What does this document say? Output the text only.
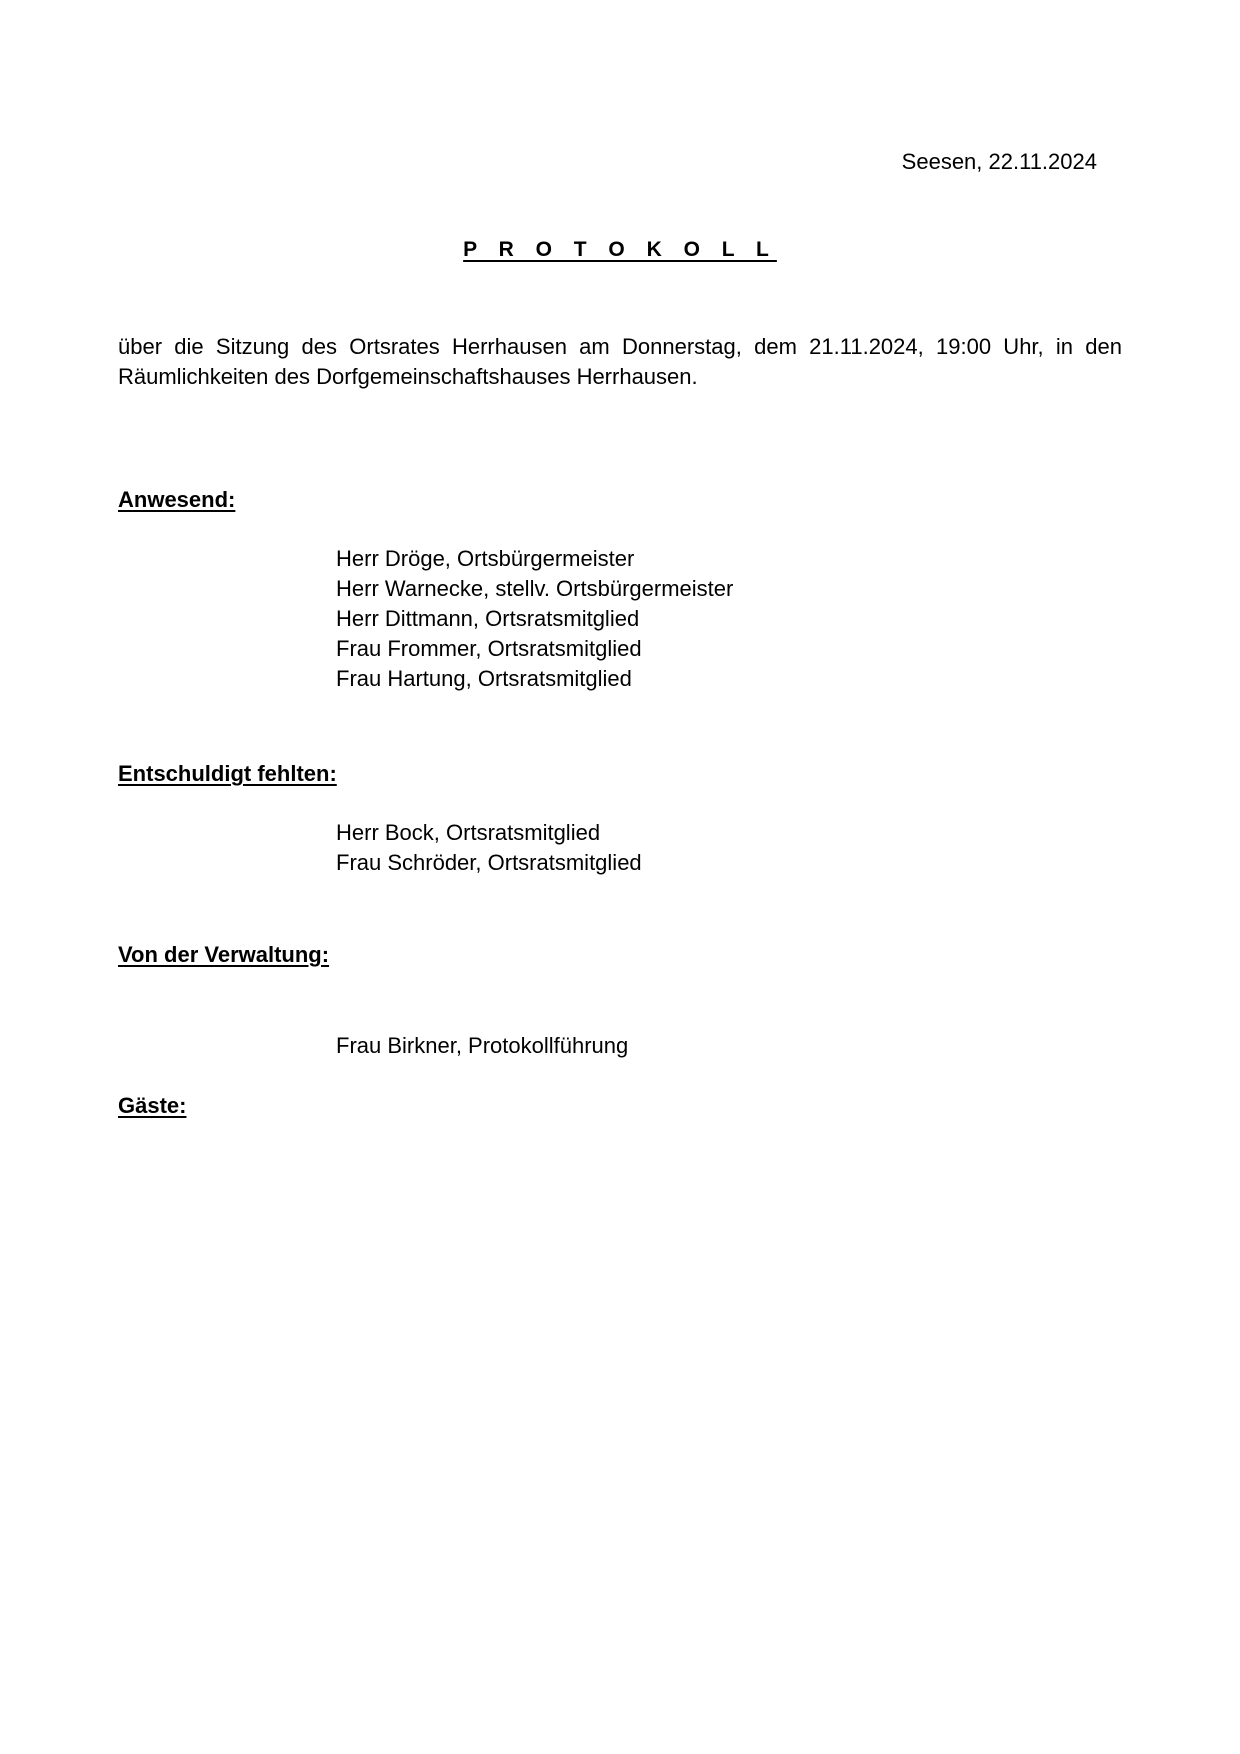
Seesen, 22.11.2024
P R O T O K O L L
über die Sitzung des Ortsrates Herrhausen am Donnerstag, dem 21.11.2024, 19:00 Uhr, in den Räumlichkeiten des Dorfgemeinschaftshauses Herrhausen.
Anwesend:
Herr Dröge, Ortsbürgermeister
Herr Warnecke, stellv. Ortsbürgermeister
Herr Dittmann, Ortsratsmitglied
Frau Frommer, Ortsratsmitglied
Frau Hartung, Ortsratsmitglied
Entschuldigt fehlten:
Herr Bock, Ortsratsmitglied
Frau Schröder, Ortsratsmitglied
Von der Verwaltung:
Frau Birkner, Protokollführung
Gäste:
